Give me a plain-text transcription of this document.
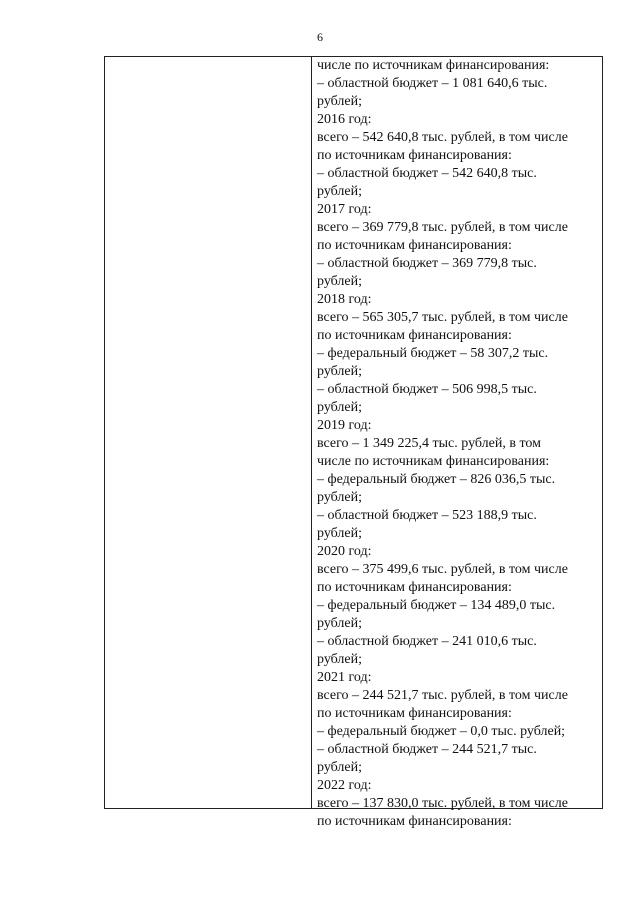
6
числе по источникам финансирования:
– областной бюджет – 1 081 640,6 тыс.
рублей;
2016 год:
всего – 542 640,8 тыс. рублей, в том числе
по источникам финансирования:
– областной бюджет – 542 640,8 тыс.
рублей;
2017 год:
всего – 369 779,8 тыс. рублей, в том числе
по источникам финансирования:
– областной бюджет – 369 779,8 тыс.
рублей;
2018 год:
всего – 565 305,7 тыс. рублей, в том числе
по источникам финансирования:
– федеральный бюджет – 58 307,2 тыс.
рублей;
– областной бюджет – 506 998,5 тыс.
рублей;
2019 год:
всего – 1 349 225,4 тыс. рублей, в том
числе по источникам финансирования:
– федеральный бюджет – 826 036,5 тыс.
рублей;
– областной бюджет – 523 188,9 тыс.
рублей;
2020 год:
всего – 375 499,6 тыс. рублей, в том числе
по источникам финансирования:
– федеральный бюджет – 134 489,0 тыс.
рублей;
– областной бюджет – 241 010,6 тыс.
рублей;
2021 год:
всего – 244 521,7 тыс. рублей, в том числе
по источникам финансирования:
– федеральный бюджет – 0,0 тыс. рублей;
– областной бюджет – 244 521,7 тыс.
рублей;
2022 год:
всего – 137 830,0 тыс. рублей, в том числе
по источникам финансирования:
